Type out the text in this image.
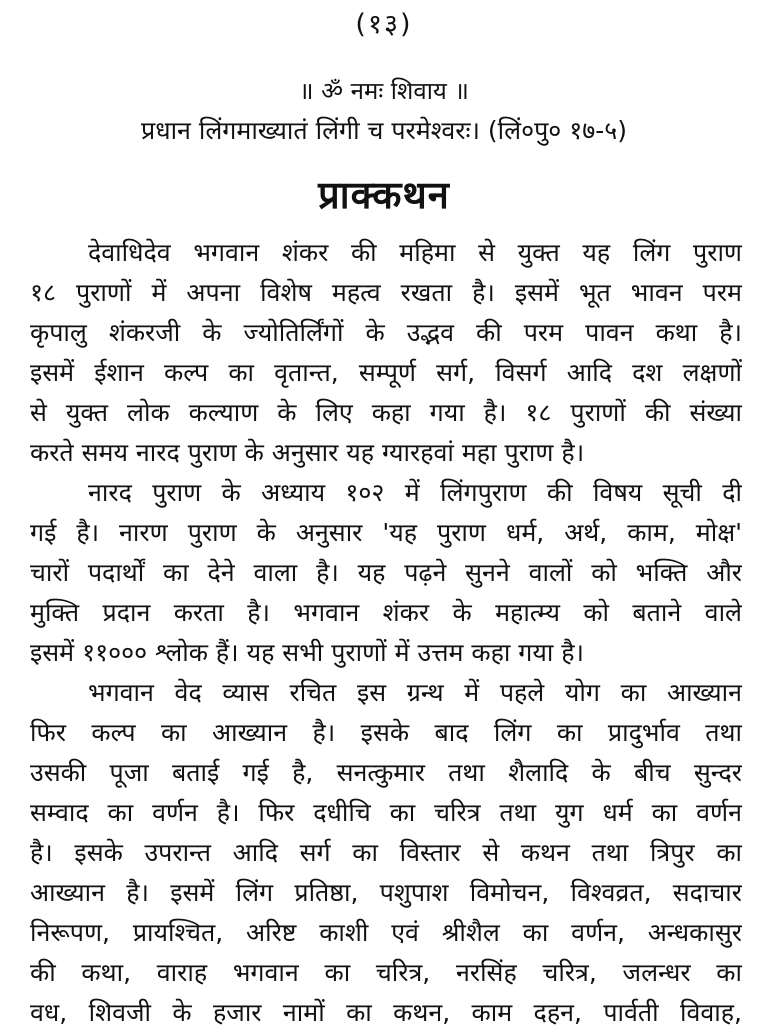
(१३)
॥ ॐ नमः शिवाय ॥
प्रधान लिंगमाख्यातं लिंगी च परमेश्वरः। (लिं०पु० १७-५)
प्राक्कथन
देवाधिदेव भगवान शंकर की महिमा से युक्त यह लिंग पुराण
१८ पुराणों में अपना विशेष महत्व रखता है। इसमें भूत भावन परम
कृपालु शंकरजी के ज्योतिर्लिंगों के उद्भव की परम पावन कथा है।
इसमें ईशान कल्प का वृतान्त, सम्पूर्ण सर्ग, विसर्ग आदि दश लक्षणों
से युक्त लोक कल्याण के लिए कहा गया है। १८ पुराणों की संख्या
करते समय नारद पुराण के अनुसार यह ग्यारहवां महा पुराण है।
नारद पुराण के अध्याय १०२ में लिंगपुराण की विषय सूची दी
गई है। नारण पुराण के अनुसार 'यह पुराण धर्म, अर्थ, काम, मोक्ष'
चारों पदार्थों का देने वाला है। यह पढ़ने सुनने वालों को भक्ति और
मुक्ति प्रदान करता है। भगवान शंकर के महात्म्य को बताने वाले
इसमें ११००० श्लोक हैं। यह सभी पुराणों में उत्तम कहा गया है।
भगवान वेद व्यास रचित इस ग्रन्थ में पहले योग का आख्यान
फिर कल्प का आख्यान है। इसके बाद लिंग का प्रादुर्भाव तथा
उसकी पूजा बताई गई है, सनत्कुमार तथा शैलादि के बीच सुन्दर
सम्वाद का वर्णन है। फिर दधीचि का चरित्र तथा युग धर्म का वर्णन
है। इसके उपरान्त आदि सर्ग का विस्तार से कथन तथा त्रिपुर का
आख्यान है। इसमें लिंग प्रतिष्ठा, पशुपाश विमोचन, विश्वव्रत, सदाचार
निरूपण, प्रायश्चित, अरिष्ट काशी एवं श्रीशैल का वर्णन, अन्धकासुर
की कथा, वाराह भगवान का चरित्र, नरसिंह चरित्र, जलन्धर का
वध, शिवजी के हजार नामों का कथन, काम दहन, पार्वती विवाह,
